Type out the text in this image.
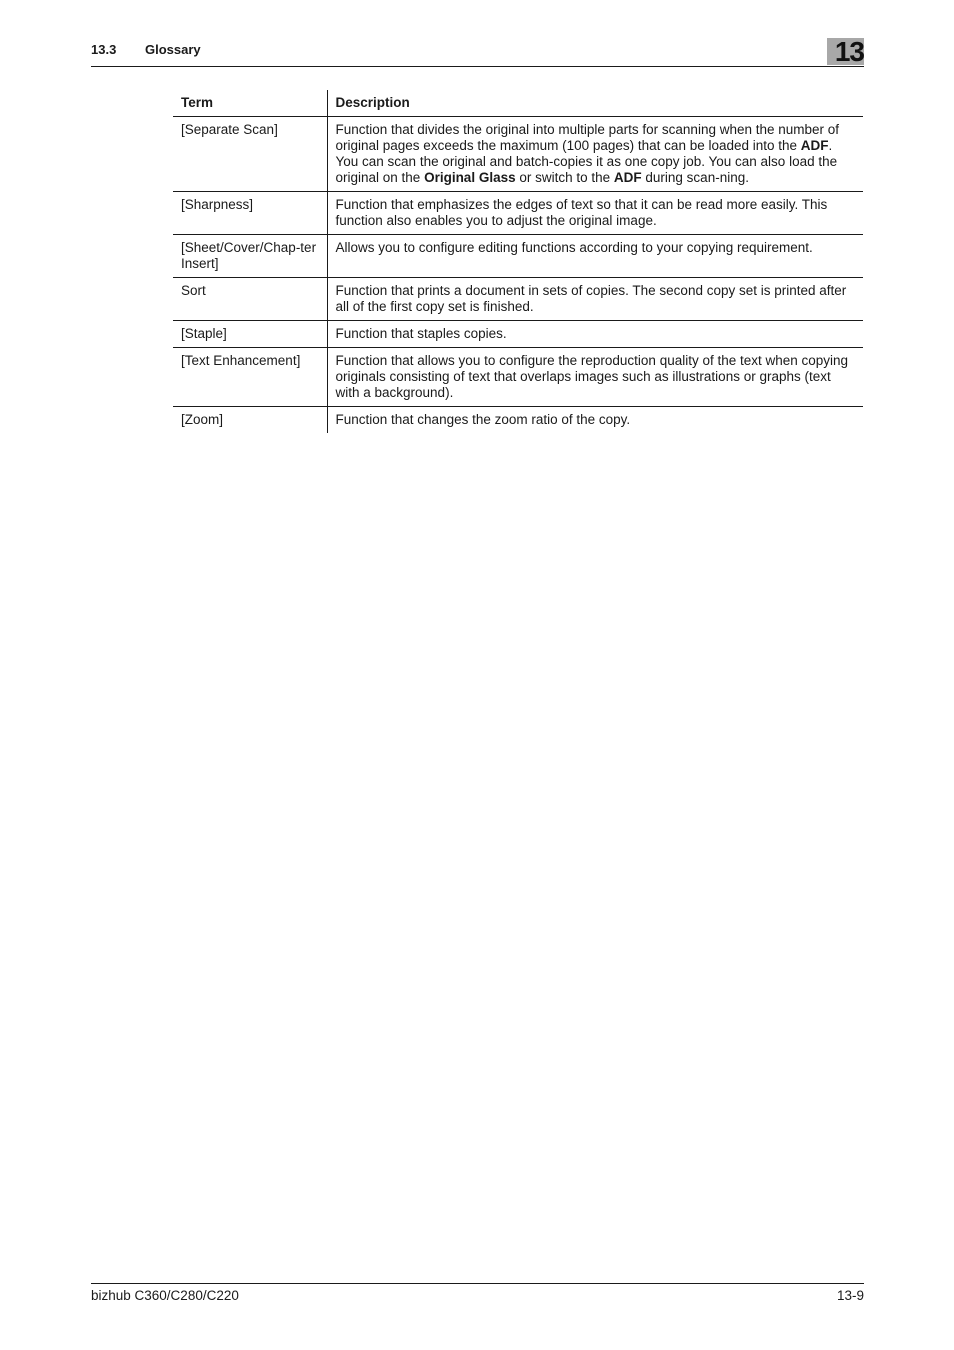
13.3 Glossary	13
Term	Description
[Separate Scan]	Function that divides the original into multiple parts for scanning when the number of original pages exceeds the maximum (100 pages) that can be loaded into the ADF. You can scan the original and batch-copies it as one copy job. You can also load the original on the Original Glass or switch to the ADF during scan-ning.
[Sharpness]	Function that emphasizes the edges of text so that it can be read more easily. This function also enables you to adjust the original image.
[Sheet/Cover/Chap-ter Insert]	Allows you to configure editing functions according to your copying requirement.
Sort	Function that prints a document in sets of copies. The second copy set is printed after all of the first copy set is finished.
[Staple]	Function that staples copies.
[Text Enhancement]	Function that allows you to configure the reproduction quality of the text when copying originals consisting of text that overlaps images such as illustrations or graphs (text with a background).
[Zoom]	Function that changes the zoom ratio of the copy.
bizhub C360/C280/C220	13-9
